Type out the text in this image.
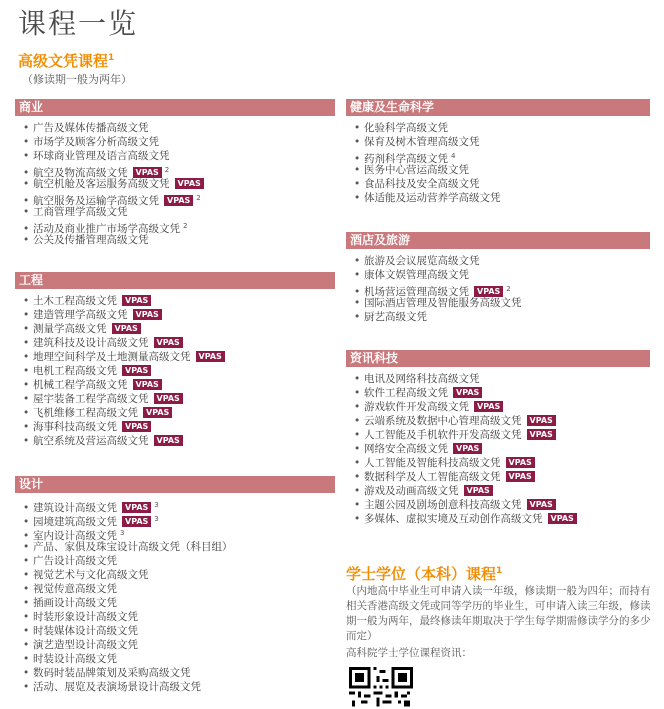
课程一览
高级文凭课程$^1$
（修读期一般为两年）
商业
• 广告及媒体传播高级文凭
• 市场学及顾客分析高级文凭
• 环球商业管理及语言高级文凭
• 航空及物流高级文凭 VPAS $^2$
• 航空机舱及客运服务高级文凭 VPAS
• 航空服务及运输学高级文凭 VPAS $^2$
• 工商管理学高级文凭
• 活动及商业推广市场学高级文凭 $^2$
• 公关及传播管理高级文凭
工程
• 土木工程高级文凭 VPAS
• 建造管理学高级文凭 VPAS
• 测量学高级文凭 VPAS
• 建筑科技及设计高级文凭 VPAS
• 地理空间科学及土地测量高级文凭 VPAS
• 电机工程高级文凭 VPAS
• 机械工程学高级文凭 VPAS
• 屋宇装备工程学高级文凭 VPAS
• 飞机维修工程高级文凭 VPAS
• 海事科技高级文凭 VPAS
• 航空系统及营运高级文凭 VPAS
设计
• 建筑设计高级文凭 VPAS $^3$
• 园境建筑高级文凭 VPAS $^3$
• 室内设计高级文凭 $^3$
• 产品、家俱及珠宝设计高级文凭（科目组）
• 广告设计高级文凭
• 视觉艺术与文化高级文凭
• 视觉传意高级文凭
• 插画设计高级文凭
• 时装形象设计高级文凭
• 时装媒体设计高级文凭
• 演艺造型设计高级文凭
• 时装设计高级文凭
• 数码时装品牌策划及采购高级文凭
• 活动、展览及表演场景设计高级文凭
健康及生命科学
• 化验科学高级文凭
• 保育及树木管理高级文凭
• 药剂科学高级文凭 $^4$
• 医务中心营运高级文凭
• 食品科技及安全高级文凭
• 体适能及运动营养学高级文凭
酒店及旅游
• 旅游及会议展览高级文凭
• 康体文娱管理高级文凭
• 机场营运管理高级文凭 VPAS $^2$
• 国际酒店管理及智能服务高级文凭
• 厨艺高级文凭
资讯科技
• 电讯及网络科技高级文凭
• 软件工程高级文凭 VPAS
• 游戏软件开发高级文凭 VPAS
• 云端系统及数据中心管理高级文凭 VPAS
• 人工智能及手机软件开发高级文凭 VPAS
• 网络安全高级文凭 VPAS
• 人工智能及智能科技高级文凭 VPAS
• 数据科学及人工智能高级文凭 VPAS
• 游戏及动画高级文凭 VPAS
• 主题公园及剧场创意科技高级文凭 VPAS
• 多媒体、虚拟实境及互动创作高级文凭 VPAS
学士学位（本科）课程$^1$
（内地高中毕业生可申请入读一年级，修读期一般为四年；而持有相关香港高级文凭或同等学历的毕业生，可申请入读三年级，修读期一般为两年，最终修读年期取决于学生每学期需修读学分的多少而定）
高科院学士学位课程资讯：
